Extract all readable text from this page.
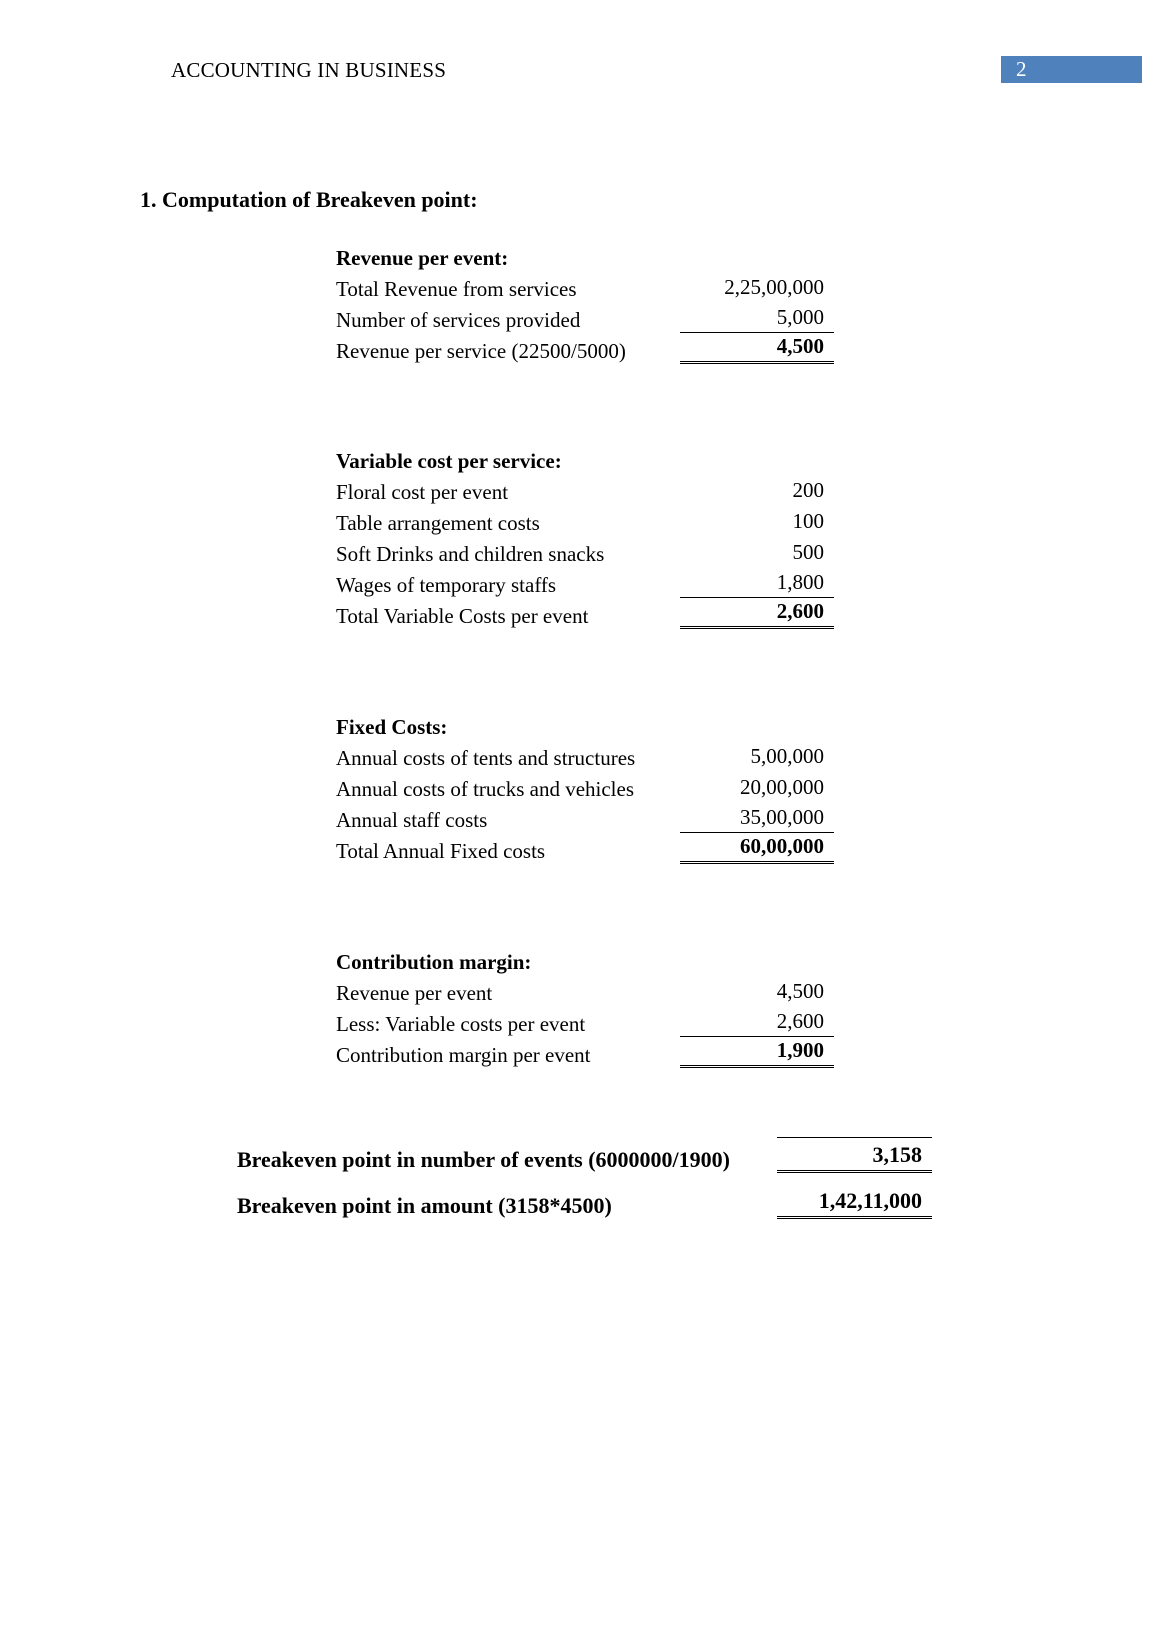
ACCOUNTING IN BUSINESS	2
1. Computation of Breakeven point:
Revenue per event:
Total Revenue from services	2,25,00,000
Number of services provided	5,000
Revenue per service (22500/5000)	4,500
Variable cost per service:
Floral cost per event	200
Table arrangement costs	100
Soft Drinks and children snacks	500
Wages of temporary staffs	1,800
Total Variable Costs per event	2,600
Fixed Costs:
Annual costs of tents and structures	5,00,000
Annual costs of trucks and vehicles	20,00,000
Annual staff costs	35,00,000
Total Annual Fixed costs	60,00,000
Contribution margin:
Revenue per event	4,500
Less: Variable costs per event	2,600
Contribution margin per event	1,900
Breakeven point in number of events (6000000/1900)	3,158
Breakeven point in amount (3158*4500)	1,42,11,000
